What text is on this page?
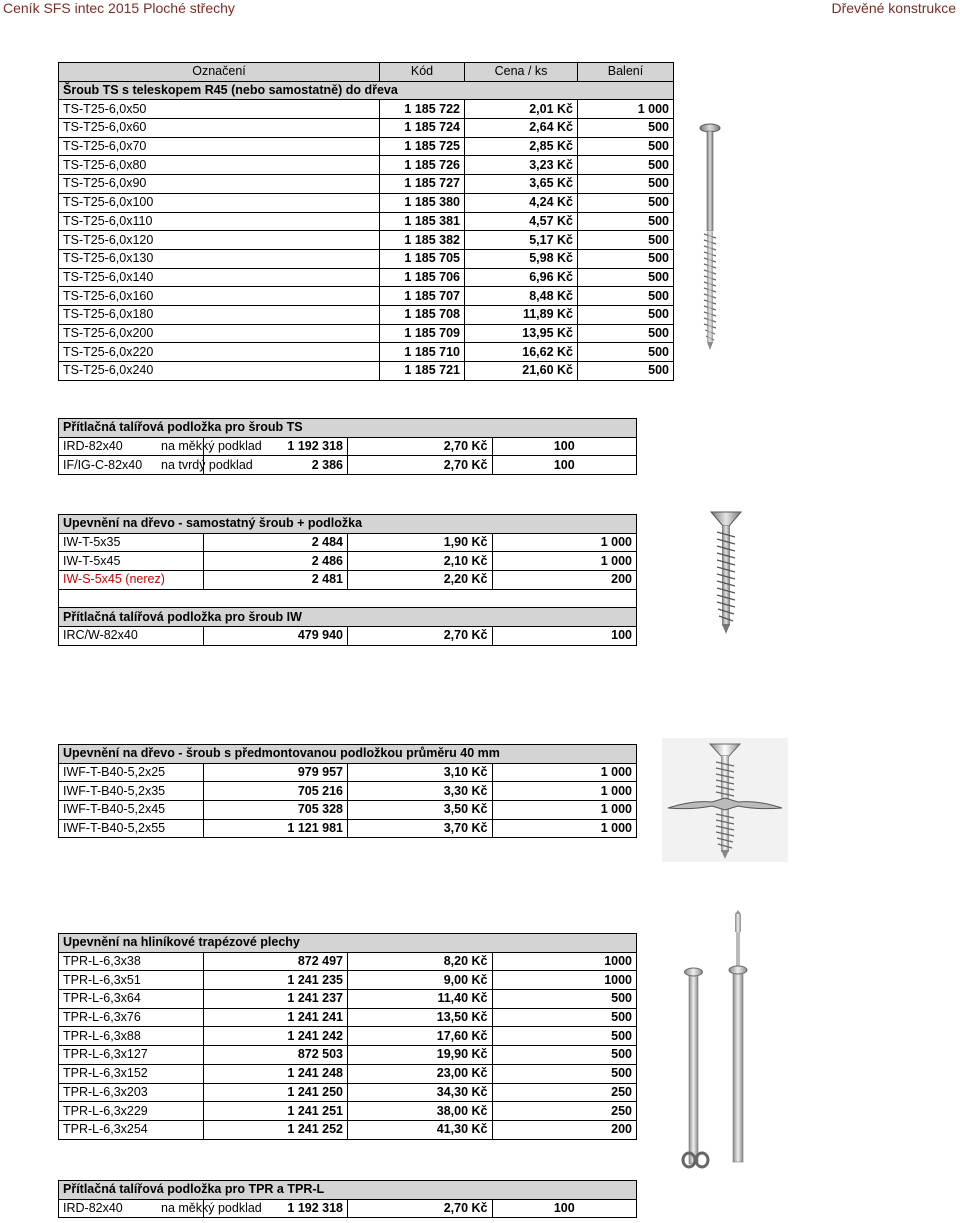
Ceník SFS intec 2015 Ploché střechy	Dřevěné konstrukce
Označení	Kód	Cena / ks	Balení
Šroub TS s teleskopem R45 (nebo samostatně) do dřeva			
TS-T25-6,0x50	1 185 722	2,01 Kč	1 000
TS-T25-6,0x60	1 185 724	2,64 Kč	500
TS-T25-6,0x70	1 185 725	2,85 Kč	500
TS-T25-6,0x80	1 185 726	3,23 Kč	500
TS-T25-6,0x90	1 185 727	3,65 Kč	500
TS-T25-6,0x100	1 185 380	4,24 Kč	500
TS-T25-6,0x110	1 185 381	4,57 Kč	500
TS-T25-6,0x120	1 185 382	5,17 Kč	500
TS-T25-6,0x130	1 185 705	5,98 Kč	500
TS-T25-6,0x140	1 185 706	6,96 Kč	500
TS-T25-6,0x160	1 185 707	8,48 Kč	500
TS-T25-6,0x180	1 185 708	11,89 Kč	500
TS-T25-6,0x200	1 185 709	13,95 Kč	500
TS-T25-6,0x220	1 185 710	16,62 Kč	500
TS-T25-6,0x240	1 185 721	21,60 Kč	500
Přítlačná talířová podložka pro šroub TS			
IRD-82x40 na měkký podklad	1 192 318	2,70 Kč	100
IF/IG-C-82x40 na tvrdý podklad	2 386	2,70 Kč	100
Upevnění na dřevo - samostatný šroub + podložka			
IW-T-5x35	2 484	1,90 Kč	1 000
IW-T-5x45	2 486	2,10 Kč	1 000
IW-S-5x45 (nerez)	2 481	2,20 Kč	200

Přítlačná talířová podložka pro šroub IW			
IRC/W-82x40	479 940	2,70 Kč	100
Upevnění na dřevo - šroub s předmontovanou podložkou průměru 40 mm			
IWF-T-B40-5,2x25	979 957	3,10 Kč	1 000
IWF-T-B40-5,2x35	705 216	3,30 Kč	1 000
IWF-T-B40-5,2x45	705 328	3,50 Kč	1 000
IWF-T-B40-5,2x55	1 121 981	3,70 Kč	1 000
Upevnění na hliníkové trapézové plechy			
TPR-L-6,3x38	872 497	8,20 Kč	1000
TPR-L-6,3x51	1 241 235	9,00 Kč	1000
TPR-L-6,3x64	1 241 237	11,40 Kč	500
TPR-L-6,3x76	1 241 241	13,50 Kč	500
TPR-L-6,3x88	1 241 242	17,60 Kč	500
TPR-L-6,3x127	872 503	19,90 Kč	500
TPR-L-6,3x152	1 241 248	23,00 Kč	500
TPR-L-6,3x203	1 241 250	34,30 Kč	250
TPR-L-6,3x229	1 241 251	38,00 Kč	250
TPR-L-6,3x254	1 241 252	41,30 Kč	200
Přítlačná talířová podložka pro TPR a TPR-L
IRD-82x40	na měkký podklad	1 192 318	2,70 Kč	100
